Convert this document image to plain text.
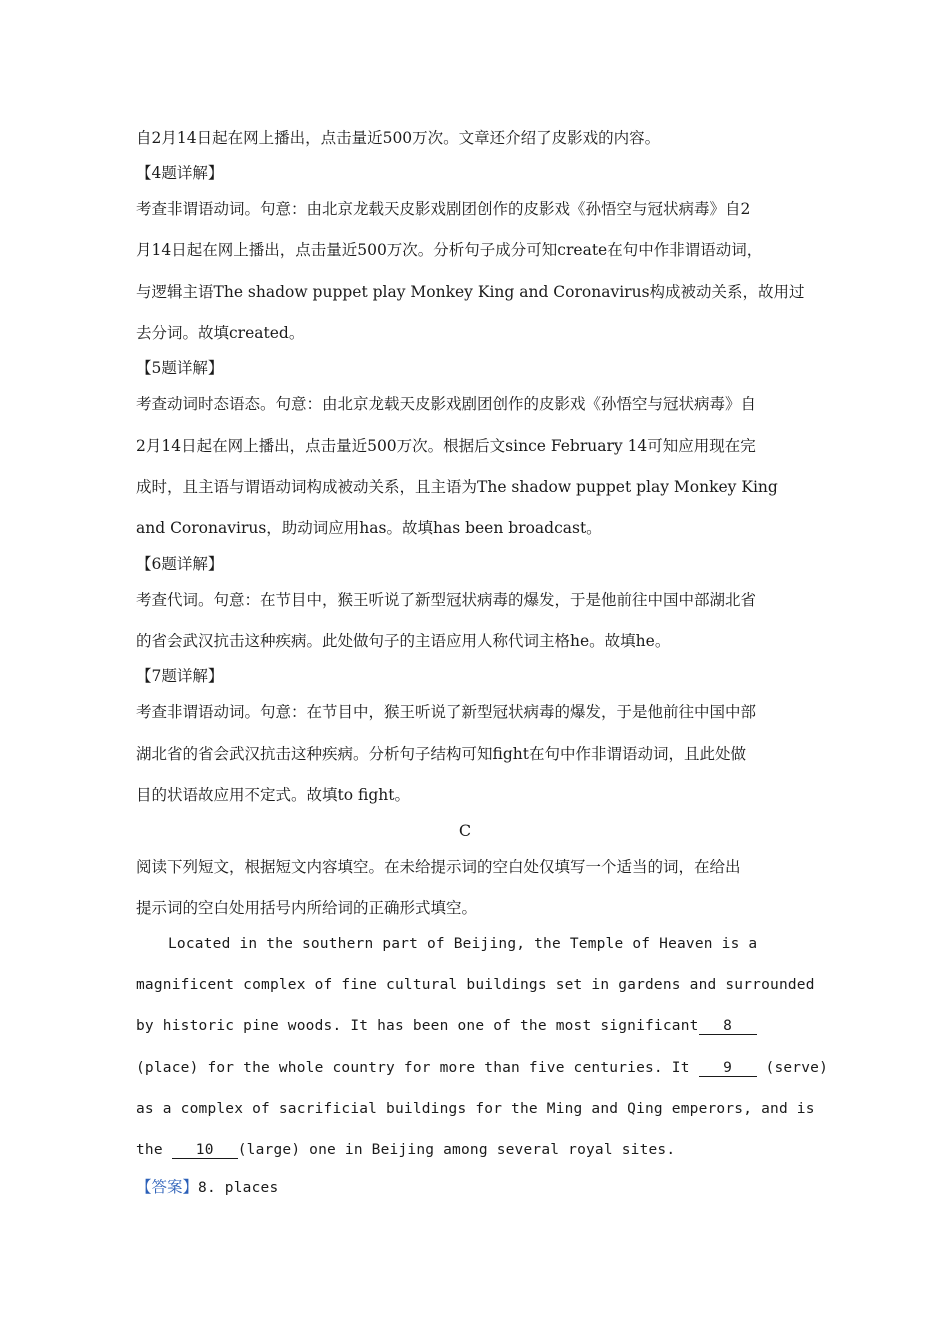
自2月14日起在网上播出，点击量近500万次。文章还介绍了皮影戏的内容。
【4题详解】
考查非谓语动词。句意：由北京龙载天皮影戏剧团创作的皮影戏《孙悟空与冠状病毒》自2
月14日起在网上播出，点击量近500万次。分析句子成分可知create在句中作非谓语动词，
与逻辑主语The shadow puppet play Monkey King and Coronavirus构成被动关系，故用过
去分词。故填created。
【5题详解】
考查动词时态语态。句意：由北京龙载天皮影戏剧团创作的皮影戏《孙悟空与冠状病毒》自
2月14日起在网上播出，点击量近500万次。根据后文since February 14可知应用现在完
成时，且主语与谓语动词构成被动关系，且主语为The shadow puppet play Monkey King
and Coronavirus，助动词应用has。故填has been broadcast。
【6题详解】
考查代词。句意：在节目中，猴王听说了新型冠状病毒的爆发，于是他前往中国中部湖北省
的省会武汉抗击这种疾病。此处做句子的主语应用人称代词主格he。故填he。
【7题详解】
考查非谓语动词。句意：在节目中，猴王听说了新型冠状病毒的爆发，于是他前往中国中部
湖北省的省会武汉抗击这种疾病。分析句子结构可知fight在句中作非谓语动词，且此处做
目的状语故应用不定式。故填to fight。
C
阅读下列短文，根据短文内容填空。在未给提示词的空白处仅填写一个适当的词，在给出
提示词的空白处用括号内所给词的正确形式填空。
Located in the southern part of Beijing, the Temple of Heaven is a
magnificent complex of fine cultural buildings set in gardens and surrounded
by historic pine woods. It has been one of the most significant 8
(place) for the whole country for more than five centuries. It 9 (serve)
as a complex of sacrificial buildings for the Ming and Qing emperors, and is
the 10 (large) one in Beijing among several royal sites.
【答案】8. places
